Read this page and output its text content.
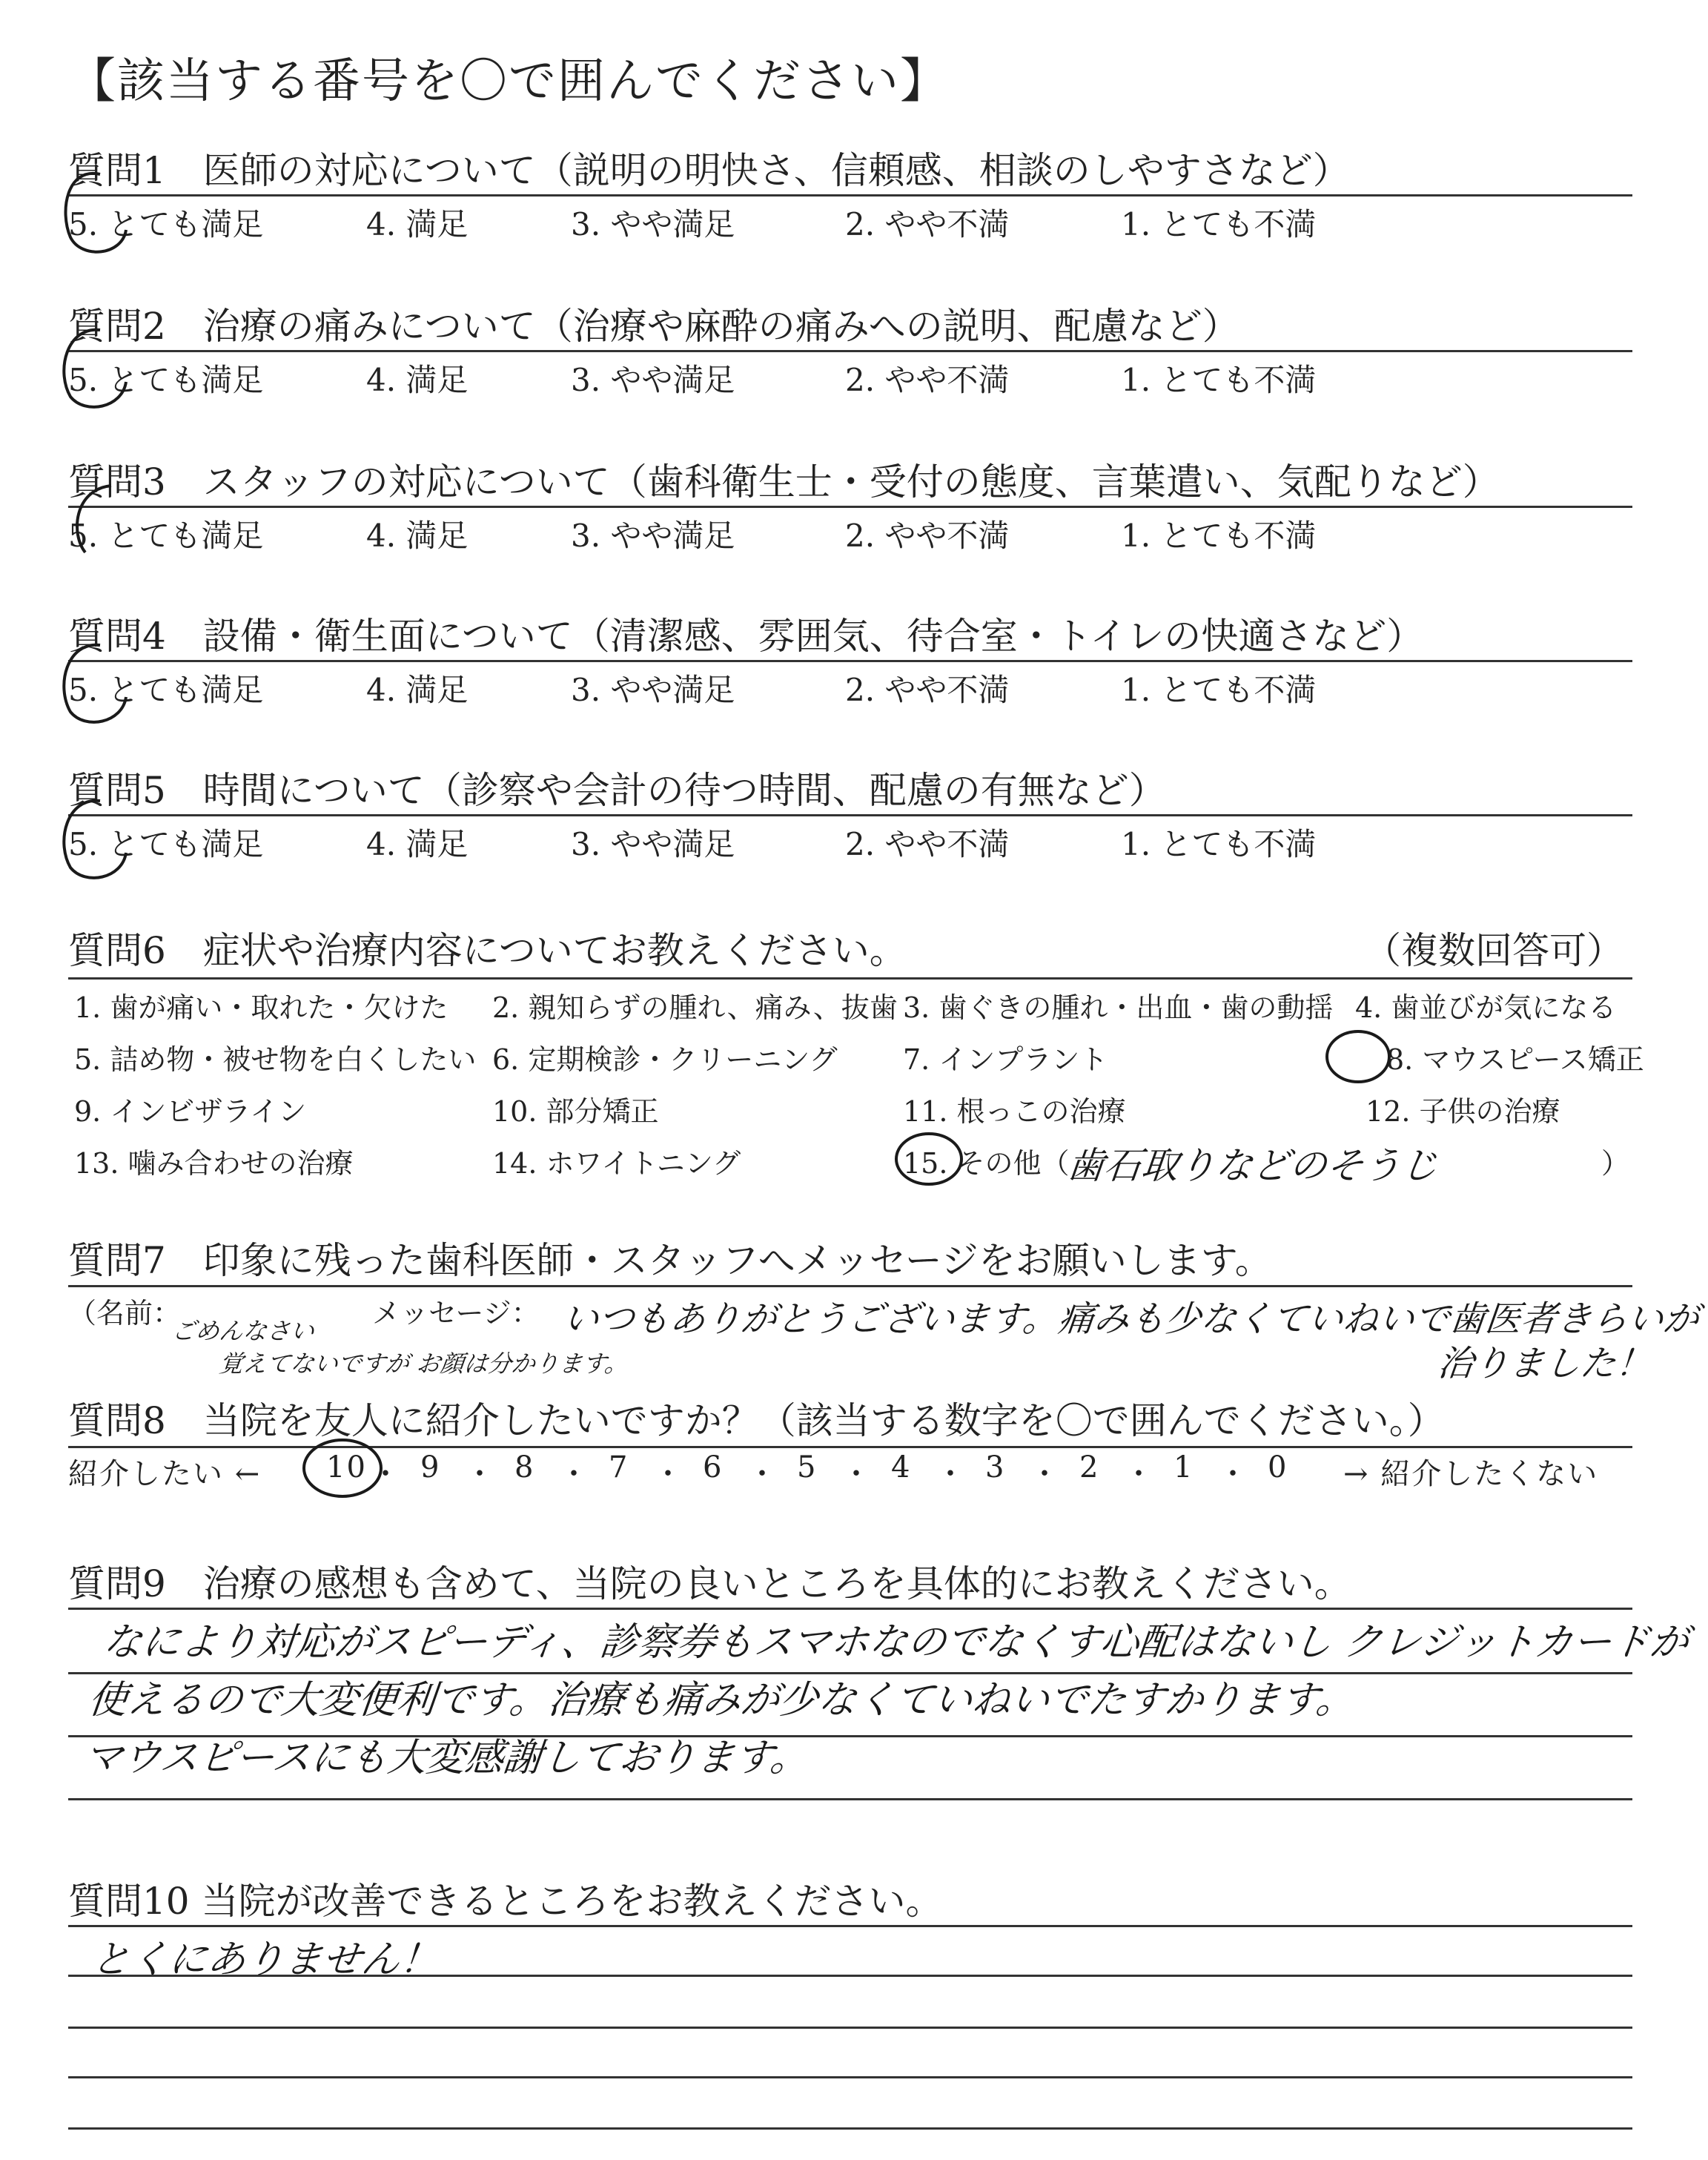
【該当する番号を〇で囲んでください】
質問1　医師の対応について（説明の明快さ、信頼感、相談のしやすさなど）
5. とても満足	4. 満足	3. やや満足	2. やや不満	1. とても不満
質問2　治療の痛みについて（治療や麻酔の痛みへの説明、配慮など）
5. とても満足	4. 満足	3. やや満足	2. やや不満	1. とても不満
質問3　スタッフの対応について（歯科衛生士・受付の態度、言葉遣い、気配りなど）
5. とても満足	4. 満足	3. やや満足	2. やや不満	1. とても不満
質問4　設備・衛生面について（清潔感、雰囲気、待合室・トイレの快適さなど）
5. とても満足	4. 満足	3. やや満足	2. やや不満	1. とても不満
質問5　時間について（診察や会計の待つ時間、配慮の有無など）
5. とても満足	4. 満足	3. やや満足	2. やや不満	1. とても不満
質問6　症状や治療内容についてお教えください。	（複数回答可）
1. 歯が痛い・取れた・欠けた 2. 親知らずの腫れ、痛み、抜歯 3. 歯ぐきの腫れ・出血・歯の動揺 4. 歯並びが気になる
5. 詰め物・被せ物を白くしたい 6. 定期検診・クリーニング 7. インプラント	8. マウスピース矯正
9. インビザライン	10. 部分矯正	11. 根っこの治療	12. 子供の治療
13. 噛み合わせの治療	14. ホワイトニング	15. その他（	）
歯石取りなどのそうじ
質問7　印象に残った歯科医師・スタッフへメッセージをお願いします。
（名前：
ごめんなさい
覚えてないですが お顔は分かります。
メッセージ： いつもありがとうございます。痛みも少なくていねいで歯医者きらいが
治りました！
質問8　当院を友人に紹介したいですか？（該当する数字を〇で囲んでください。）
紹介したい ← 10 ・ 9 ・ 8 ・ 7 ・ 6 ・ 5 ・ 4 ・ 3 ・ 2 ・ 1 ・ 0 → 紹介したくない
質問9　治療の感想も含めて、当院の良いところを具体的にお教えください。
なにより対応がスピーディ、診察券もスマホなのでなくす心配はないし クレジットカードが
使えるので大変便利です。治療も痛みが少なくていねいでたすかります。
マウスピースにも大変感謝しております。
質問10 当院が改善できるところをお教えください。
とくにありません！
